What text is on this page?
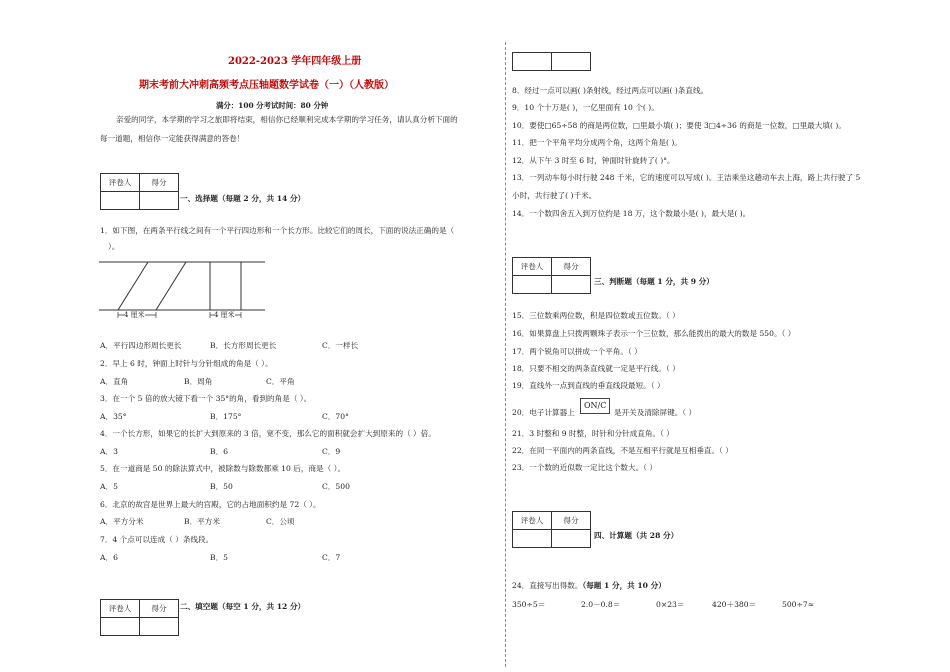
2022-2023 学年四年级上册
期末考前大冲刺高频考点压轴题数学试卷（一）（人教版）
满分：100 分考试时间：80 分钟
亲爱的同学，本学期的学习之旅即将结束，相信你已经顺利完成本学期的学习任务，请认真分析下面的
每一道题，相信你一定能获得满意的答卷！
评卷人	得分

一、选择题（每题 2 分，共 14 分）
1．如下图，在两条平行线之间有一个平行四边形和一个长方形。比较它们的周长，下面的说法正确的是（
）。
4 厘米	4 厘米
A．平行四边形周长更长	B．长方形周长更长	C．一样长
2．早上 6 时，钟面上时针与分针组成的角是（ ）。
A．直角	B．周角	C．平角
3．在一个 5 倍的放大镜下看一个 35°的角，看到的角是（ ）。
A．35°	B．175°	C．70°
4．一个长方形，如果它的长扩大到原来的 3 倍，宽不变，那么它的面积就会扩大到原来的（ ）倍。
A．3	B．6	C．9
5．在一道商是 50 的除法算式中，被除数与除数都乘 10 后，商是（ ）。
A．5	B．50	C．500
6．北京的故宫是世界上最大的宫殿，它的占地面积约是 72（ ）。
A．平方分米	B．平方米	C．公顷
7．4 个点可以连成（ ）条线段。
A．6	B．5	C．7
评卷人	得分
	二、填空题（每空 1 分，共 12 分）

8．经过一点可以画( )条射线，经过两点可以画( )条直线。
9．10 个十万是( )，一亿里面有 10 个( )。
10．要使□65÷58 的商是两位数，□里最小填( )；要使 3□4÷36 的商是一位数，□里最大填( )。
11．把一个平角平均分成两个角，这两个角是( )。
12．从下午 3 时至 6 时，钟面时针旋转了( )°。
13．一列动车每小时行驶 248 千米，它的速度可以写成( )。王洁乘坐这趟动车去上海，路上共行驶了 5
小时，共行驶了( )千米。
14．一个数四舍五入到万位约是 18 万，这个数最小是( )，最大是( )。
评卷人	得分

三、判断题（每题 1 分，共 9 分）
15．三位数乘两位数，积是四位数或五位数。（ ）
16．如果算盘上只拨两颗珠子表示一个三位数，那么能拨出的最大的数是 550。（ ）
17．两个锐角可以拼成一个平角。（ ）
18．只要不相交的两条直线就一定是平行线。（ ）
19．直线外一点到直线的垂直线段最短。（ ）
20．电子计算器上
ON/C
是开关及清除屏键。（ ）
21．3 时整和 9 时整，时针和分针成直角。（ ）
22．在同一平面内的两条直线，不是互相平行就是互相垂直。（ ）
23．一个数的近似数一定比这个数大。（ ）
评卷人	得分

四、计算题（共 28 分）
24．直接写出得数。（每题 1 分，共 10 分）
350÷5＝	2.0－0.8＝	0×23＝	420＋380＝	500÷7≈
